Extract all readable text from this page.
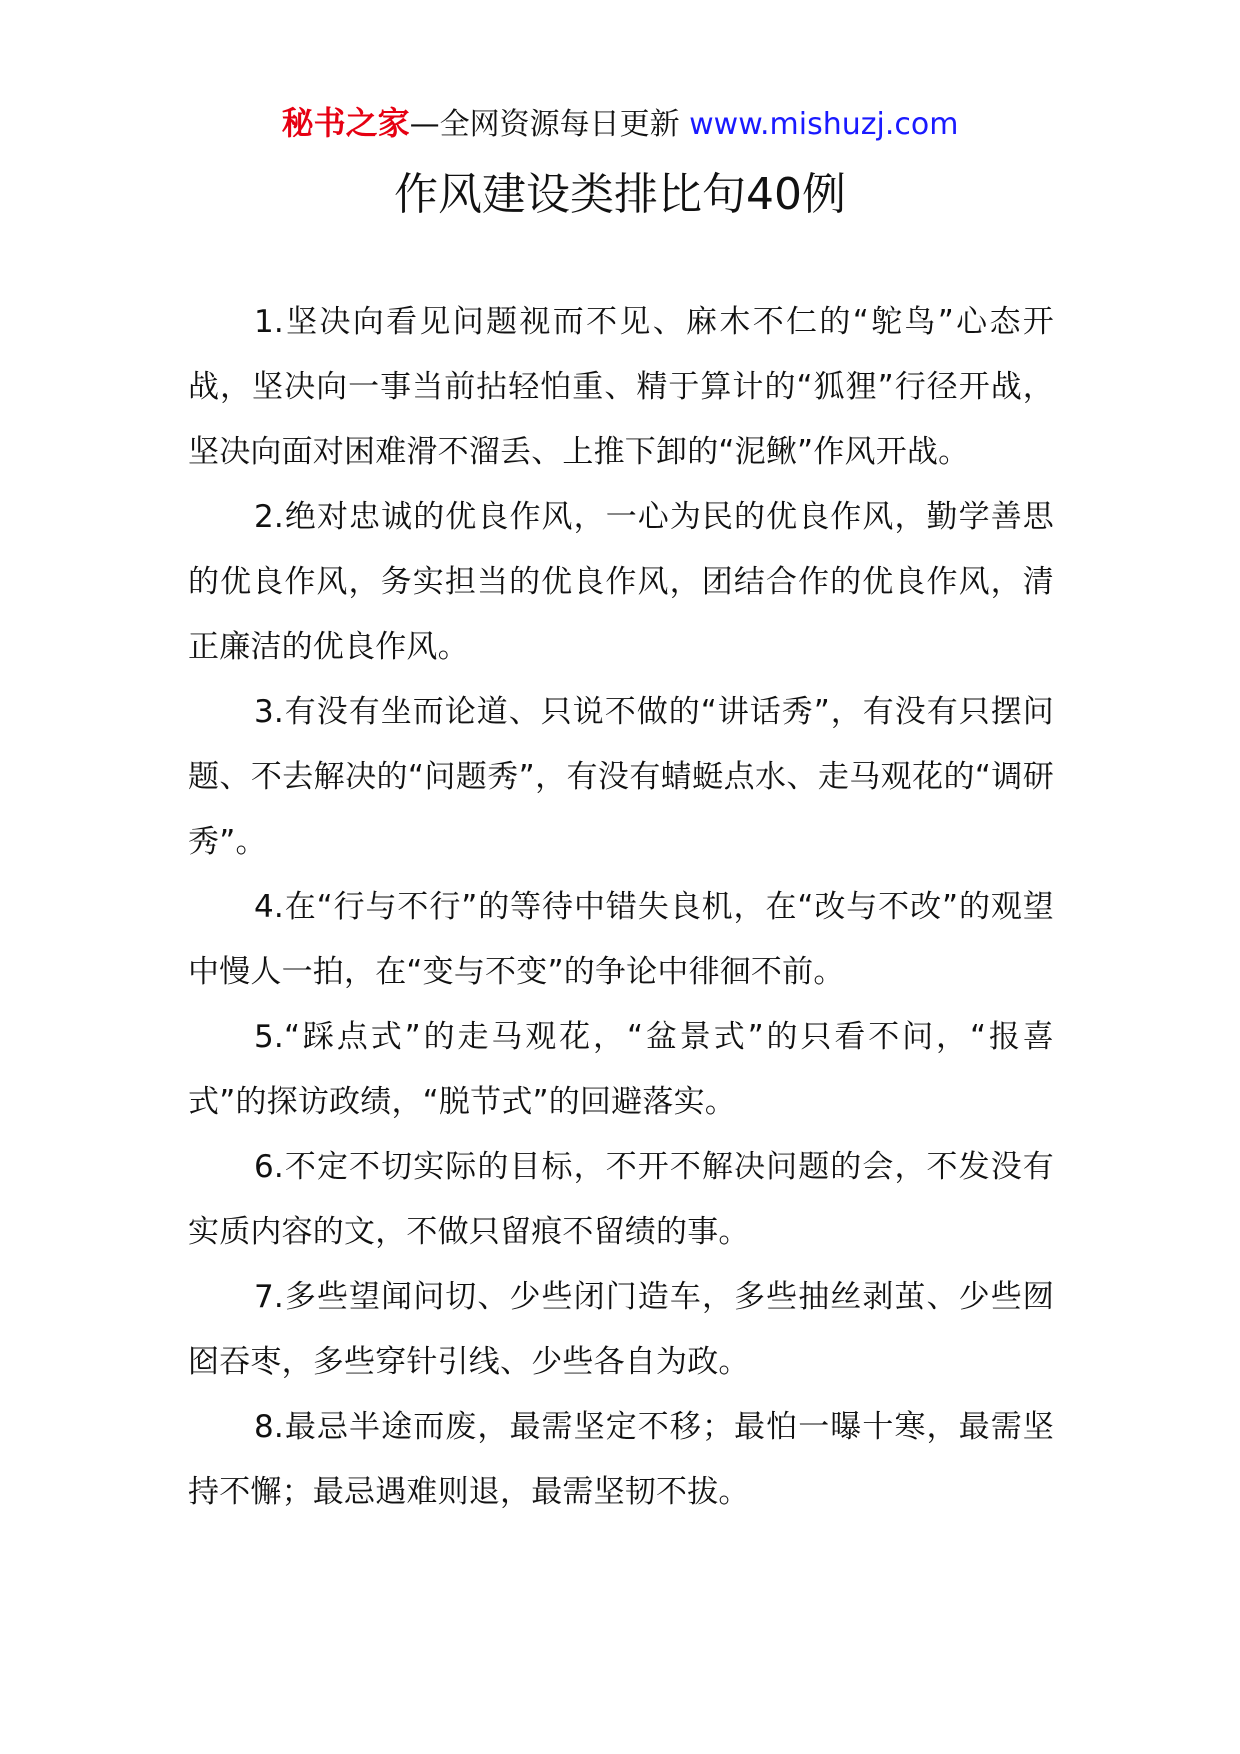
秘书之家—全网资源每日更新 www.mishuzj.com
作风建设类排比句40例

1.坚决向看见问题视而不见、麻木不仁的“鸵鸟”心态开战，坚决向一事当前拈轻怕重、精于算计的“狐狸”行径开战，坚决向面对困难滑不溜丢、上推下卸的“泥鳅”作风开战。

2.绝对忠诚的优良作风，一心为民的优良作风，勤学善思的优良作风，务实担当的优良作风，团结合作的优良作风，清正廉洁的优良作风。

3.有没有坐而论道、只说不做的“讲话秀”，有没有只摆问题、不去解决的“问题秀”，有没有蜻蜓点水、走马观花的“调研秀”。

4.在“行与不行”的等待中错失良机，在“改与不改”的观望中慢人一拍，在“变与不变”的争论中徘徊不前。

5.“踩点式”的走马观花，“盆景式”的只看不问，“报喜式”的探访政绩，“脱节式”的回避落实。

6.不定不切实际的目标，不开不解决问题的会，不发没有实质内容的文，不做只留痕不留绩的事。

7.多些望闻问切、少些闭门造车，多些抽丝剥茧、少些囫囵吞枣，多些穿针引线、少些各自为政。

8.最忌半途而废，最需坚定不移；最怕一曝十寒，最需坚持不懈；最忌遇难则退，最需坚韧不拔。
